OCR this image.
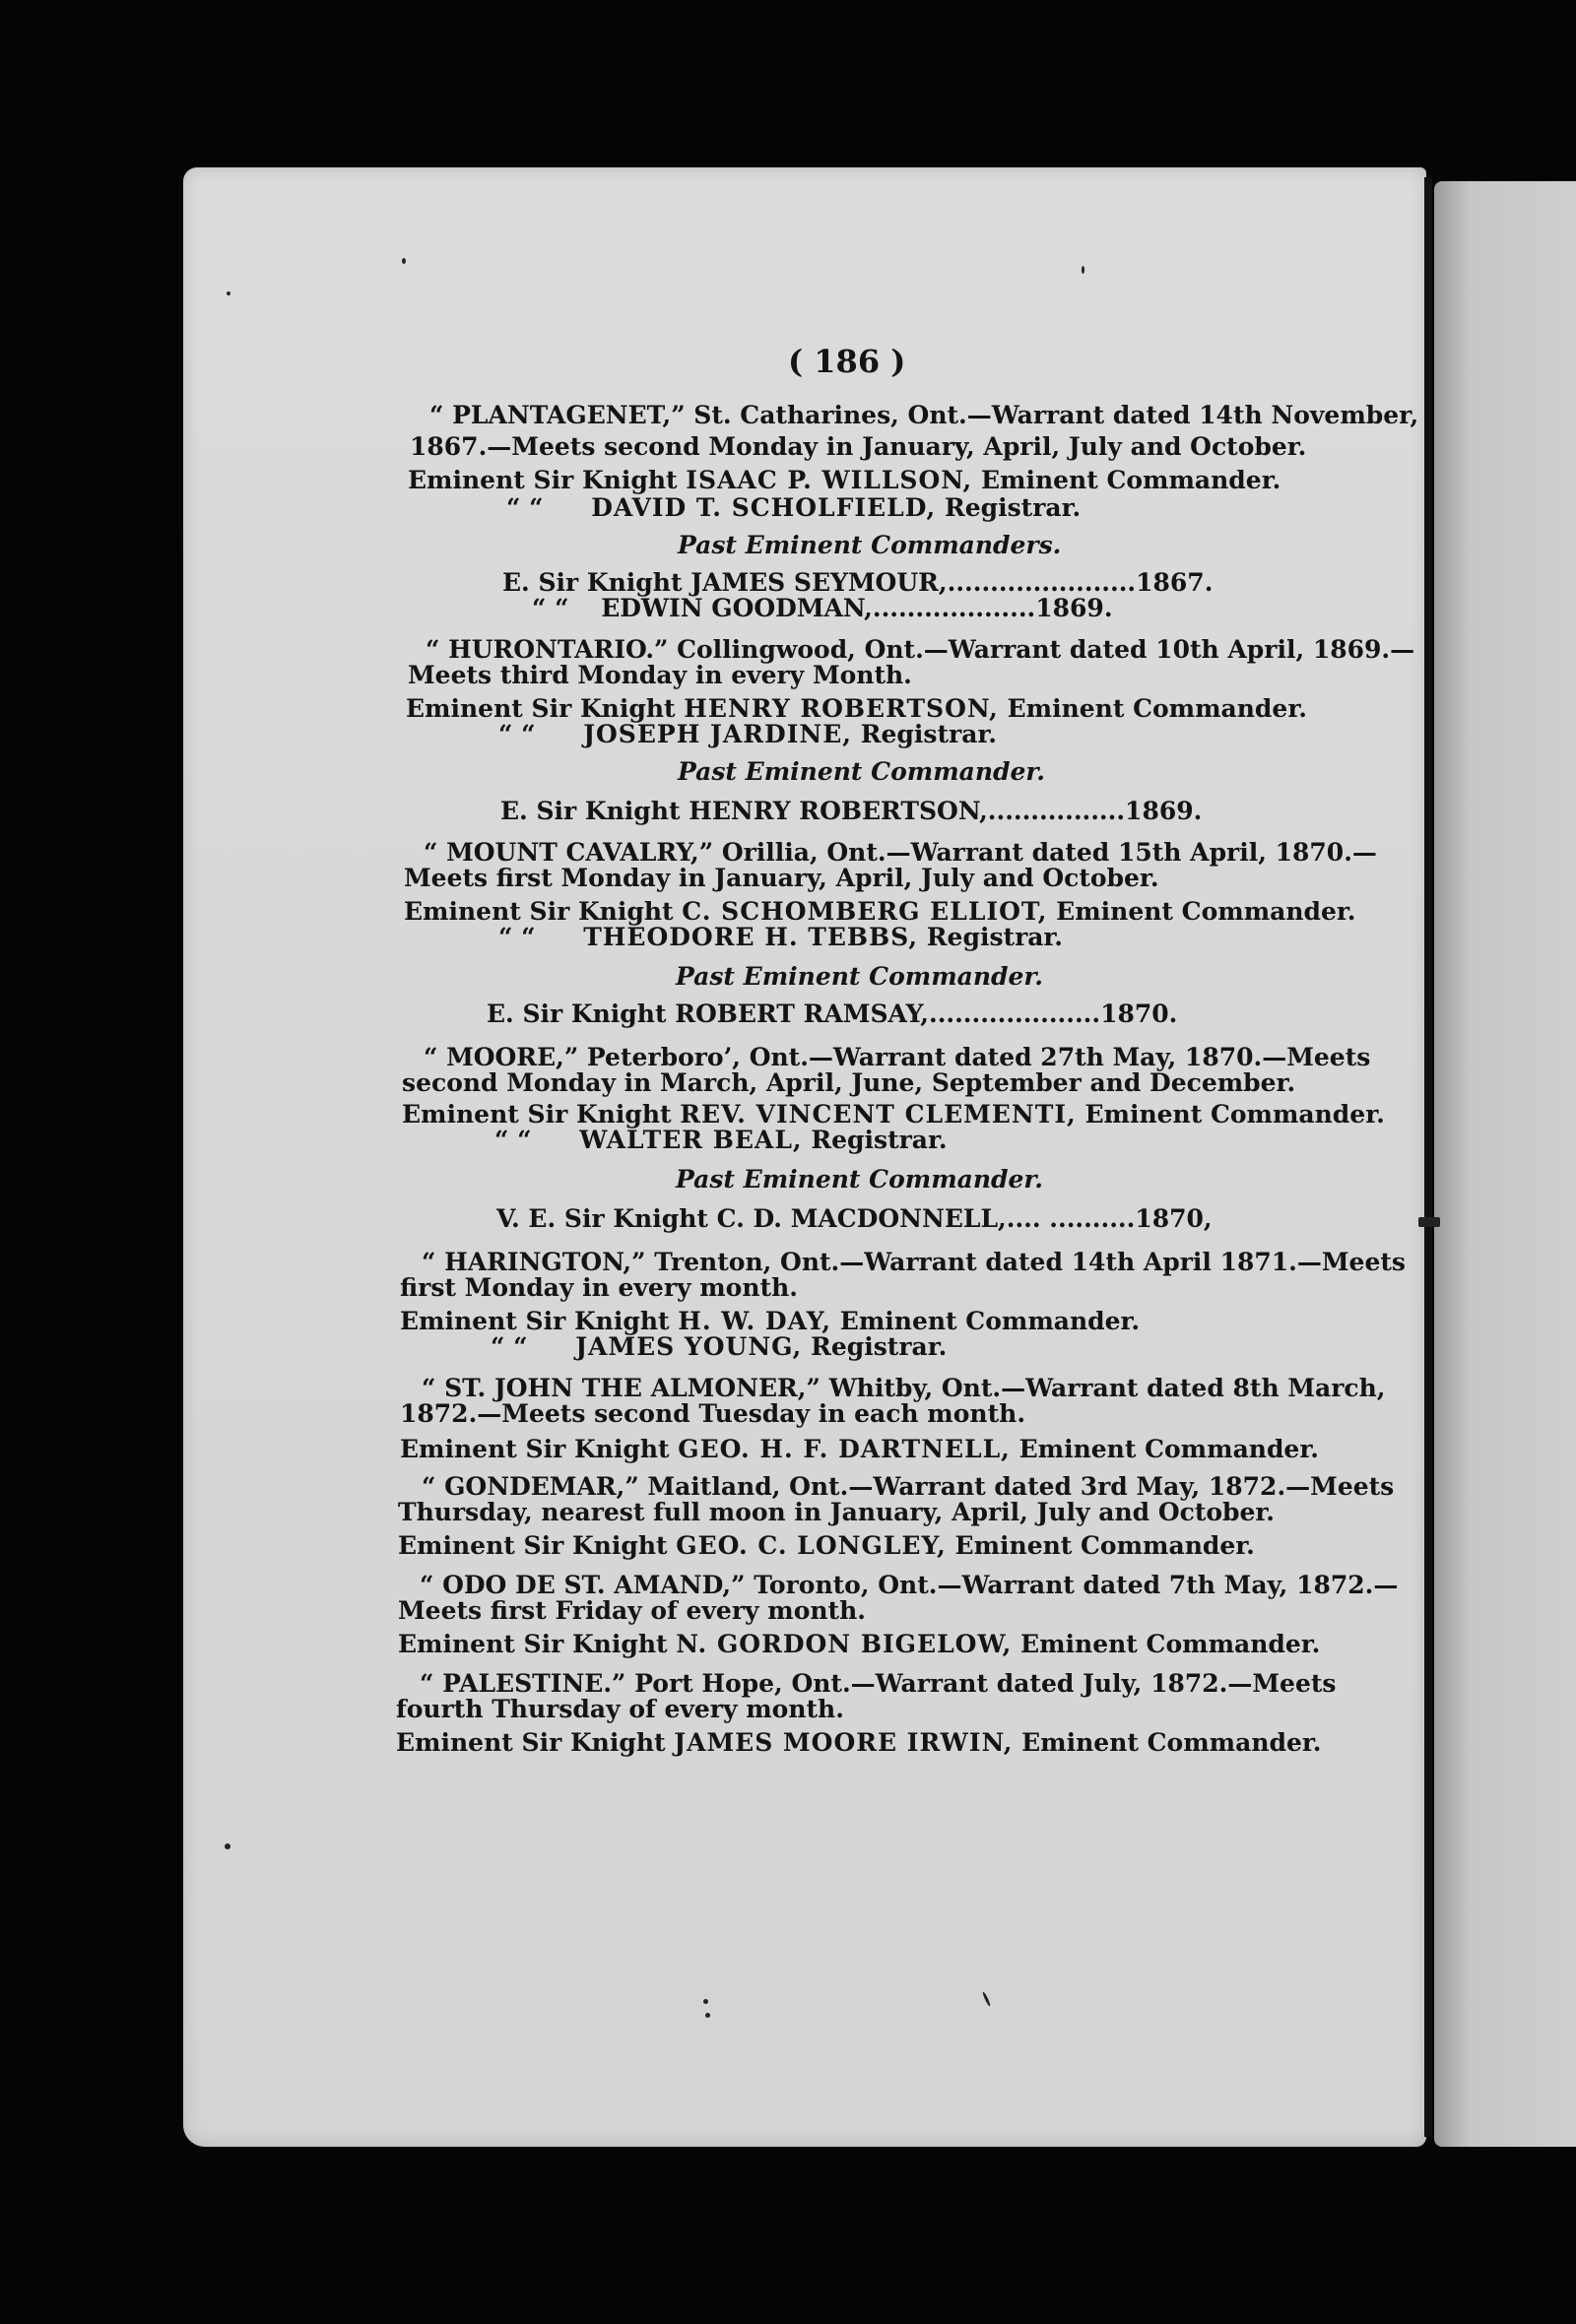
( 186 )
“ PLANTAGENET,” St. Catharines, Ont.—Warrant dated 14th November,
1867.—Meets second Monday in January, April, July and October.
Eminent Sir Knight ISAAC P. WILLSON, Eminent Commander.
“ “ DAVID T. SCHOLFIELD, Registrar.
Past Eminent Commanders.
E. Sir Knight JAMES SEYMOUR,......................1867.
“ “ EDWIN GOODMAN,...................1869.
“ HURONTARIO.” Collingwood, Ont.—Warrant dated 10th April, 1869.—
Meets third Monday in every Month.
Eminent Sir Knight HENRY ROBERTSON, Eminent Commander.
“ “ JOSEPH JARDINE, Registrar.
Past Eminent Commander.
E. Sir Knight HENRY ROBERTSON,................1869.
“ MOUNT CAVALRY,” Orillia, Ont.—Warrant dated 15th April, 1870.—
Meets first Monday in January, April, July and October.
Eminent Sir Knight C. SCHOMBERG ELLIOT, Eminent Commander.
“ “ THEODORE H. TEBBS, Registrar.
Past Eminent Commander.
E. Sir Knight ROBERT RAMSAY,....................1870.
“ MOORE,” Peterboro’, Ont.—Warrant dated 27th May, 1870.—Meets
second Monday in March, April, June, September and December.
Eminent Sir Knight REV. VINCENT CLEMENTI, Eminent Commander.
“ “ WALTER BEAL, Registrar.
Past Eminent Commander.
V. E. Sir Knight C. D. MACDONNELL,.... ..........1870,
“ HARINGTON,” Trenton, Ont.—Warrant dated 14th April 1871.—Meets
first Monday in every month.
Eminent Sir Knight H. W. DAY, Eminent Commander.
“ “ JAMES YOUNG, Registrar.
“ ST. JOHN THE ALMONER,” Whitby, Ont.—Warrant dated 8th March,
1872.—Meets second Tuesday in each month.
Eminent Sir Knight GEO. H. F. DARTNELL, Eminent Commander.
“ GONDEMAR,” Maitland, Ont.—Warrant dated 3rd May, 1872.—Meets
Thursday, nearest full moon in January, April, July and October.
Eminent Sir Knight GEO. C. LONGLEY, Eminent Commander.
“ ODO DE ST. AMAND,” Toronto, Ont.—Warrant dated 7th May, 1872.—
Meets first Friday of every month.
Eminent Sir Knight N. GORDON BIGELOW, Eminent Commander.
“ PALESTINE.” Port Hope, Ont.—Warrant dated July, 1872.—Meets
fourth Thursday of every month.
Eminent Sir Knight JAMES MOORE IRWIN, Eminent Commander.
